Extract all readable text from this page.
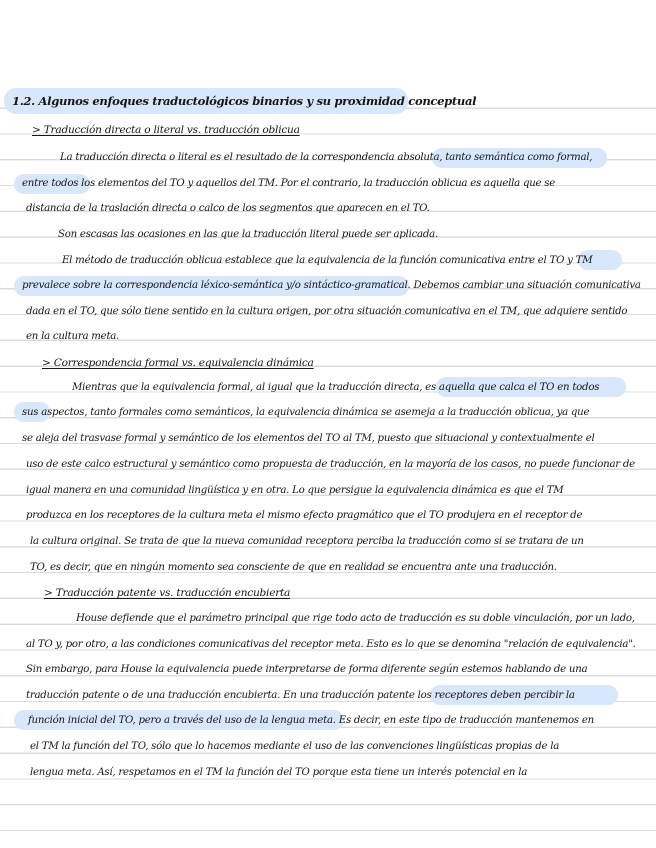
1.2. Algunos enfoques traductológicos binarios y su proximidad conceptual
> Traducción directa o literal vs. traducción oblicua
La traducción directa o literal es el resultado de la correspondencia absoluta, tanto semántica como formal,
entre todos los elementos del TO y aquellos del TM. Por el contrario, la traducción oblicua es aquella que se
distancia de la traslación directa o calco de los segmentos que aparecen en el TO.
Son escasas las ocasiones en las que la traducción literal puede ser aplicada.
El método de traducción oblicua establece que la equivalencia de la función comunicativa entre el TO y TM
prevalece sobre la correspondencia léxico-semántica y/o sintáctico-gramatical. Debemos cambiar una situación comunicativa
dada en el TO, que sólo tiene sentido en la cultura origen, por otra situación comunicativa en el TM, que adquiere sentido
en la cultura meta.
> Correspondencia formal vs. equivalencia dinámica
Mientras que la equivalencia formal, al igual que la traducción directa, es aquella que calca el TO en todos
sus aspectos, tanto formales como semánticos, la equivalencia dinámica se asemeja a la traducción oblicua, ya que
se aleja del trasvase formal y semántico de los elementos del TO al TM, puesto que situacional y contextualmente el
uso de este calco estructural y semántico como propuesta de traducción, en la mayoría de los casos, no puede funcionar de
igual manera en una comunidad lingüística y en otra. Lo que persigue la equivalencia dinámica es que el TM
produzca en los receptores de la cultura meta el mismo efecto pragmático que el TO produjera en el receptor de
la cultura original. Se trata de que la nueva comunidad receptora perciba la traducción como si se tratara de un
TO, es decir, que en ningún momento sea consciente de que en realidad se encuentra ante una traducción.
> Traducción patente vs. traducción encubierta
House defiende que el parámetro principal que rige todo acto de traducción es su doble vinculación, por un lado,
al TO y, por otro, a las condiciones comunicativas del receptor meta. Esto es lo que se denomina "relación de equivalencia".
Sin embargo, para House la equivalencia puede interpretarse de forma diferente según estemos hablando de una
traducción patente o de una traducción encubierta. En una traducción patente los receptores deben percibir la
función inicial del TO, pero a través del uso de la lengua meta. Es decir, en este tipo de traducción mantenemos en
el TM la función del TO, sólo que lo hacemos mediante el uso de las convenciones lingüísticas propias de la
lengua meta. Así, respetamos en el TM la función del TO porque esta tiene un interés potencial en la
